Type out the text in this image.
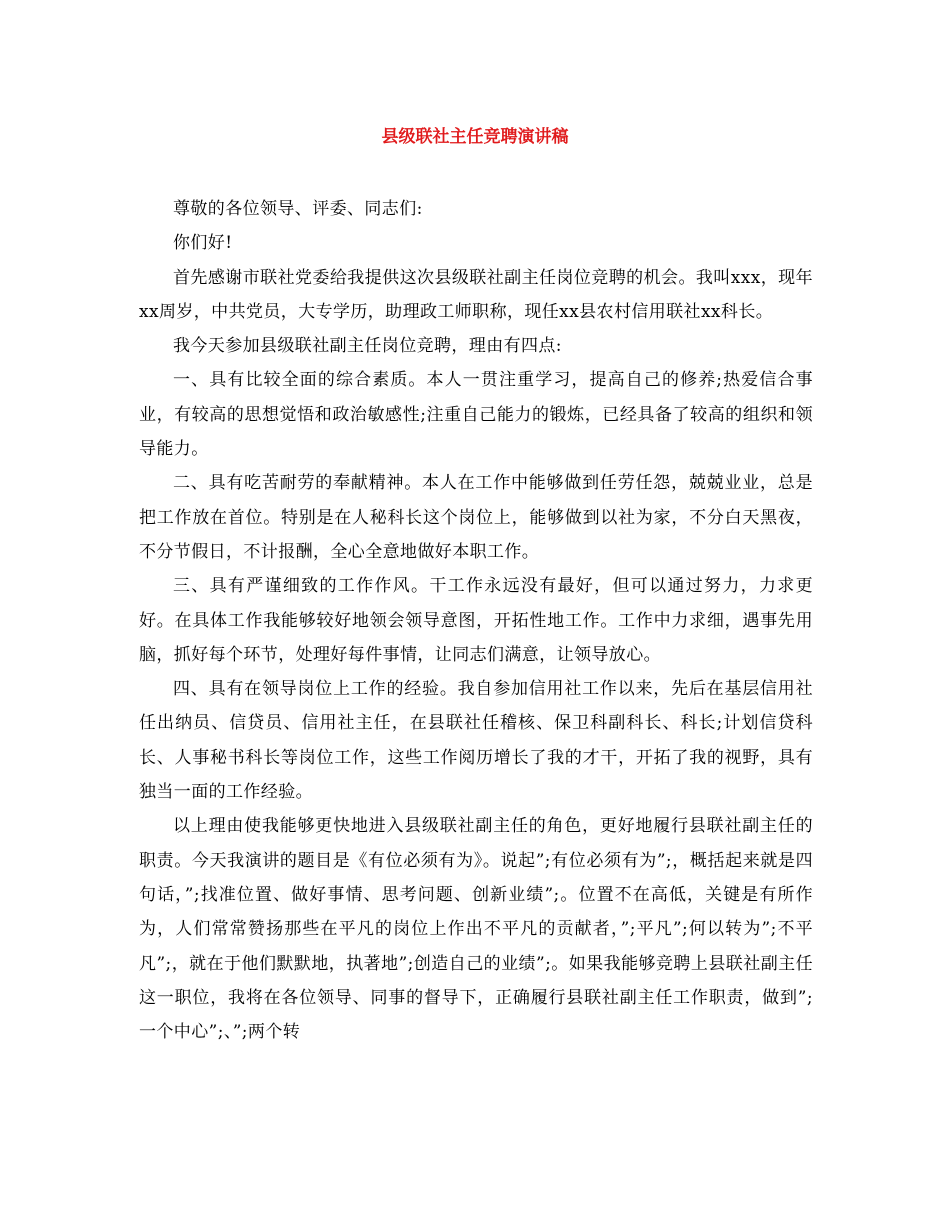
县级联社主任竞聘演讲稿

尊敬的各位领导、评委、同志们:

你们好!

首先感谢市联社党委给我提供这次县级联社副主任岗位竞聘的机会。我叫xxx，现年xx周岁，中共党员，大专学历，助理政工师职称，现任xx县农村信用联社xx科长。

我今天参加县级联社副主任岗位竞聘，理由有四点:

一、具有比较全面的综合素质。本人一贯注重学习，提高自己的修养;热爱信合事业，有较高的思想觉悟和政治敏感性;注重自己能力的锻炼，已经具备了较高的组织和领导能力。

二、具有吃苦耐劳的奉献精神。本人在工作中能够做到任劳任怨，兢兢业业，总是把工作放在首位。特别是在人秘科长这个岗位上，能够做到以社为家，不分白天黑夜，不分节假日，不计报酬，全心全意地做好本职工作。

三、具有严谨细致的工作作风。干工作永远没有最好，但可以通过努力，力求更好。在具体工作我能够较好地领会领导意图，开拓性地工作。工作中力求细，遇事先用脑，抓好每个环节，处理好每件事情，让同志们满意，让领导放心。

四、具有在领导岗位上工作的经验。我自参加信用社工作以来，先后在基层信用社任出纳员、信贷员、信用社主任，在县联社任稽核、保卫科副科长、科长;计划信贷科长、人事秘书科长等岗位工作，这些工作阅历增长了我的才干，开拓了我的视野，具有独当一面的工作经验。

以上理由使我能够更快地进入县级联社副主任的角色，更好地履行县联社副主任的职责。今天我演讲的题目是《有位必须有为》。说起”;有位必须有为”;，概括起来就是四句话，”;找准位置、做好事情、思考问题、创新业绩”;。位置不在高低，关键是有所作为，人们常常赞扬那些在平凡的岗位上作出不平凡的贡献者，”;平凡”;何以转为”;不平凡”;，就在于他们默默地，执著地”;创造自己的业绩”;。如果我能够竞聘上县联社副主任这一职位，我将在各位领导、同事的督导下，正确履行县联社副主任工作职责，做到”;一个中心”;、”;两个转
